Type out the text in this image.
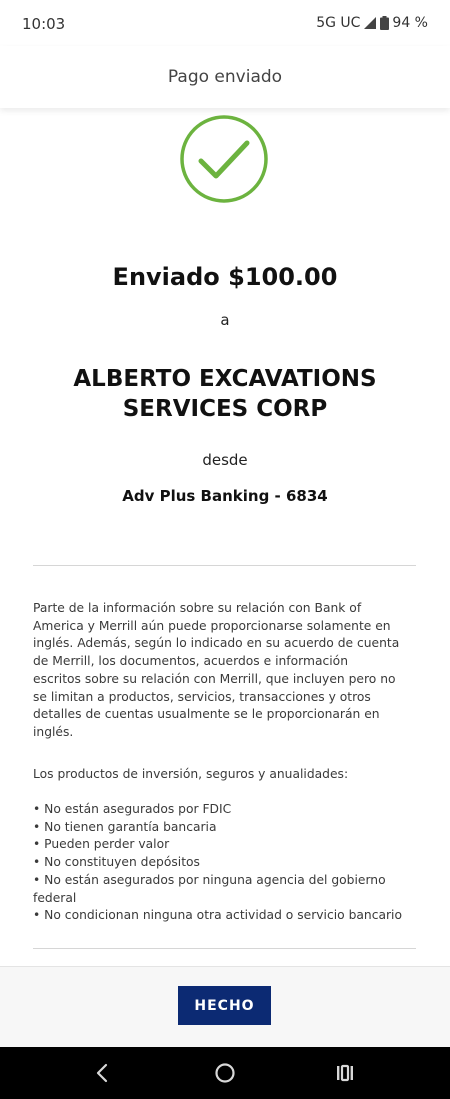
10:03	5G UC 94 %
Pago enviado
Enviado $100.00
a
ALBERTO EXCAVATIONS SERVICES CORP
desde
Adv Plus Banking - 6834
Parte de la información sobre su relación con Bank of
America y Merrill aún puede proporcionarse solamente en
inglés. Además, según lo indicado en su acuerdo de cuenta
de Merrill, los documentos, acuerdos e información
escritos sobre su relación con Merrill, que incluyen pero no
se limitan a productos, servicios, transacciones y otros
detalles de cuentas usualmente se le proporcionarán en
inglés.
Los productos de inversión, seguros y anualidades:
• No están asegurados por FDIC
• No tienen garantía bancaria
• Pueden perder valor
• No constituyen depósitos
• No están asegurados por ninguna agencia del gobierno federal
• No condicionan ninguna otra actividad o servicio bancario
HECHO
